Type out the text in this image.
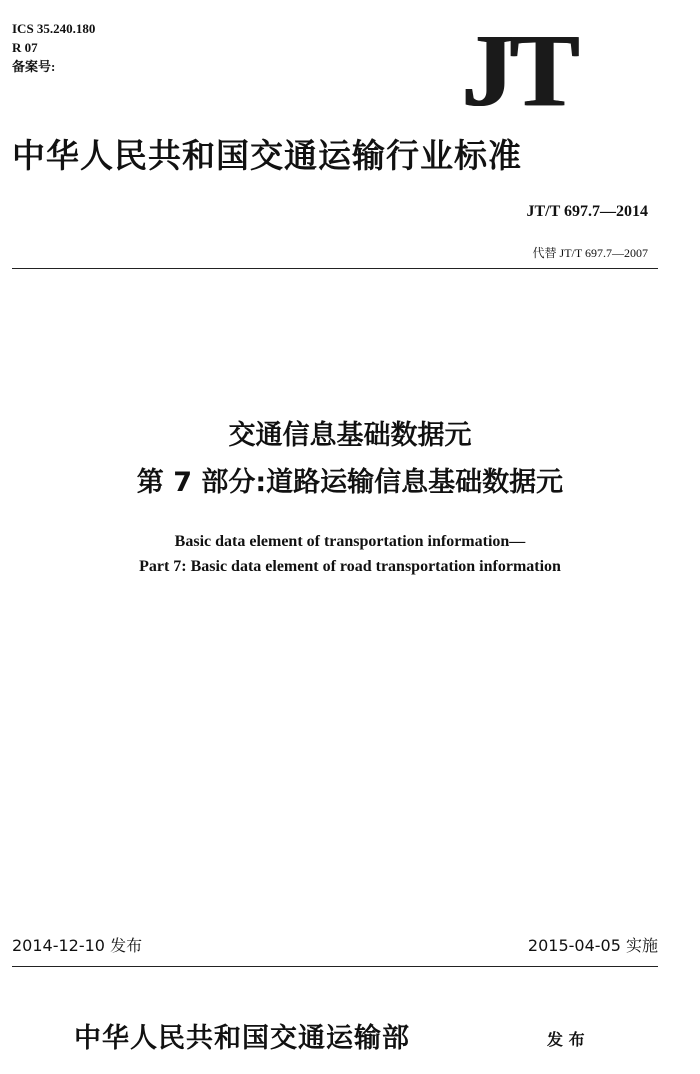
ICS 35.240.180
R 07
备案号:	JT
中华人民共和国交通运输行业标准
JT/T 697.7—2014
代替 JT/T 697.7—2007
交通信息基础数据元
第 7 部分:道路运输信息基础数据元
Basic data element of transportation information—
Part 7: Basic data element of road transportation information
2014-12-10 发布	2015-04-05 实施
中华人民共和国交通运输部	发 布
